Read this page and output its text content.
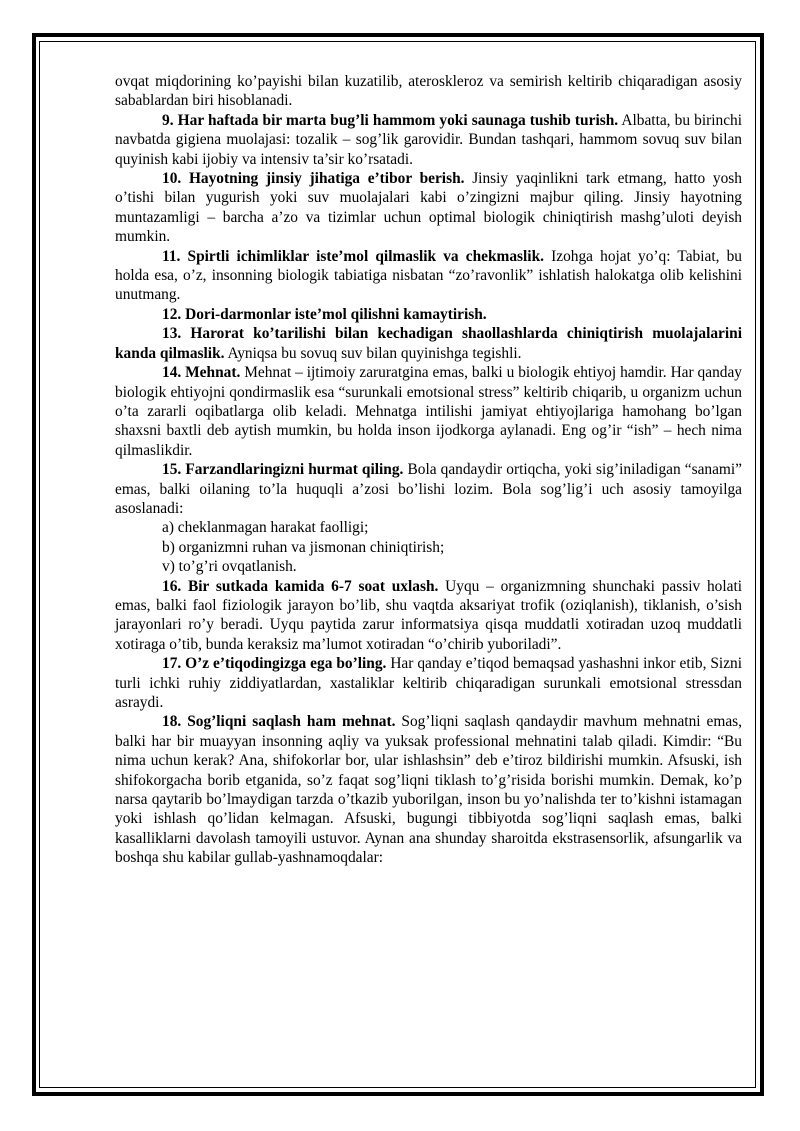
ovqat miqdorining ko’payishi bilan kuzatilib, ateroskleroz va semirish keltirib chiqaradigan asosiy sabablardan biri hisoblanadi.

9. Har haftada bir marta bug’li hammom yoki saunaga tushib turish. Albatta, bu birinchi navbatda gigiena muolajasi: tozalik – sog’lik garovidir. Bundan tashqari, hammom sovuq suv bilan quyinish kabi ijobiy va intensiv ta’sir ko’rsatadi.

10. Hayotning jinsiy jihatiga e’tibor berish. Jinsiy yaqinlikni tark etmang, hatto yosh o’tishi bilan yugurish yoki suv muolajalari kabi o’zingizni majbur qiling. Jinsiy hayotning muntazamligi – barcha a’zo va tizimlar uchun optimal biologik chiniqtirish mashg’uloti deyish mumkin.

11. Spirtli ichimliklar iste’mol qilmaslik va chekmaslik. Izohga hojat yo’q: Tabiat, bu holda esa, o’z, insonning biologik tabiatiga nisbatan “zo’ravonlik” ishlatish halokatga olib kelishini unutmang.

12. Dori-darmonlar iste’mol qilishni kamaytirish.

13. Harorat ko’tarilishi bilan kechadigan shaollashlarda chiniqtirish muolajalarini kanda qilmaslik. Ayniqsa bu sovuq suv bilan quyinishga tegishli.

14. Mehnat. Mehnat – ijtimoiy zaruratgina emas, balki u biologik ehtiyoj hamdir. Har qanday biologik ehtiyojni qondirmaslik esa “surunkali emotsional stress” keltirib chiqarib, u organizm uchun o’ta zararli oqibatlarga olib keladi. Mehnatga intilishi jamiyat ehtiyojlariga hamohang bo’lgan shaxsni baxtli deb aytish mumkin, bu holda inson ijodkorga aylanadi. Eng og’ir “ish” – hech nima qilmaslikdir.

15. Farzandlaringizni hurmat qiling. Bola qandaydir ortiqcha, yoki sig’iniladigan “sanami” emas, balki oilaning to’la huquqli a’zosi bo’lishi lozim. Bola sog’lig’i uch asosiy tamoyilga asoslanadi:

a) cheklanmagan harakat faolligi;

b) organizmni ruhan va jismonan chiniqtirish;

v) to’g’ri ovqatlanish.

16. Bir sutkada kamida 6-7 soat uxlash. Uyqu – organizmning shunchaki passiv holati emas, balki faol fiziologik jarayon bo’lib, shu vaqtda aksariyat trofik (oziqlanish), tiklanish, o’sish jarayonlari ro’y beradi. Uyqu paytida zarur informatsiya qisqa muddatli xotiradan uzoq muddatli xotiraga o’tib, bunda keraksiz ma’lumot xotiradan “o’chirib yuboriladi”.

17. O’z e’tiqodingizga ega bo’ling. Har qanday e’tiqod bemaqsad yashashni inkor etib, Sizni turli ichki ruhiy ziddiyatlardan, xastaliklar keltirib chiqaradigan surunkali emotsional stressdan asraydi.

18. Sog’liqni saqlash ham mehnat. Sog’liqni saqlash qandaydir mavhum mehnatni emas, balki har bir muayyan insonning aqliy va yuksak professional mehnatini talab qiladi. Kimdir: “Bu nima uchun kerak? Ana, shifokorlar bor, ular ishlashsin” deb e’tiroz bildirishi mumkin. Afsuski, ish shifokorgacha borib etganida, so’z faqat sog’liqni tiklash to’g’risida borishi mumkin. Demak, ko’p narsa qaytarib bo’lmaydigan tarzda o’tkazib yuborilgan, inson bu yo’nalishda ter to’kishni istamagan yoki ishlash qo’lidan kelmagan. Afsuski, bugungi tibbiyotda sog’liqni saqlash emas, balki kasalliklarni davolash tamoyili ustuvor. Aynan ana shunday sharoitda ekstrasensorlik, afsungarlik va boshqa shu kabilar gullab-yashnamoqdalar:
